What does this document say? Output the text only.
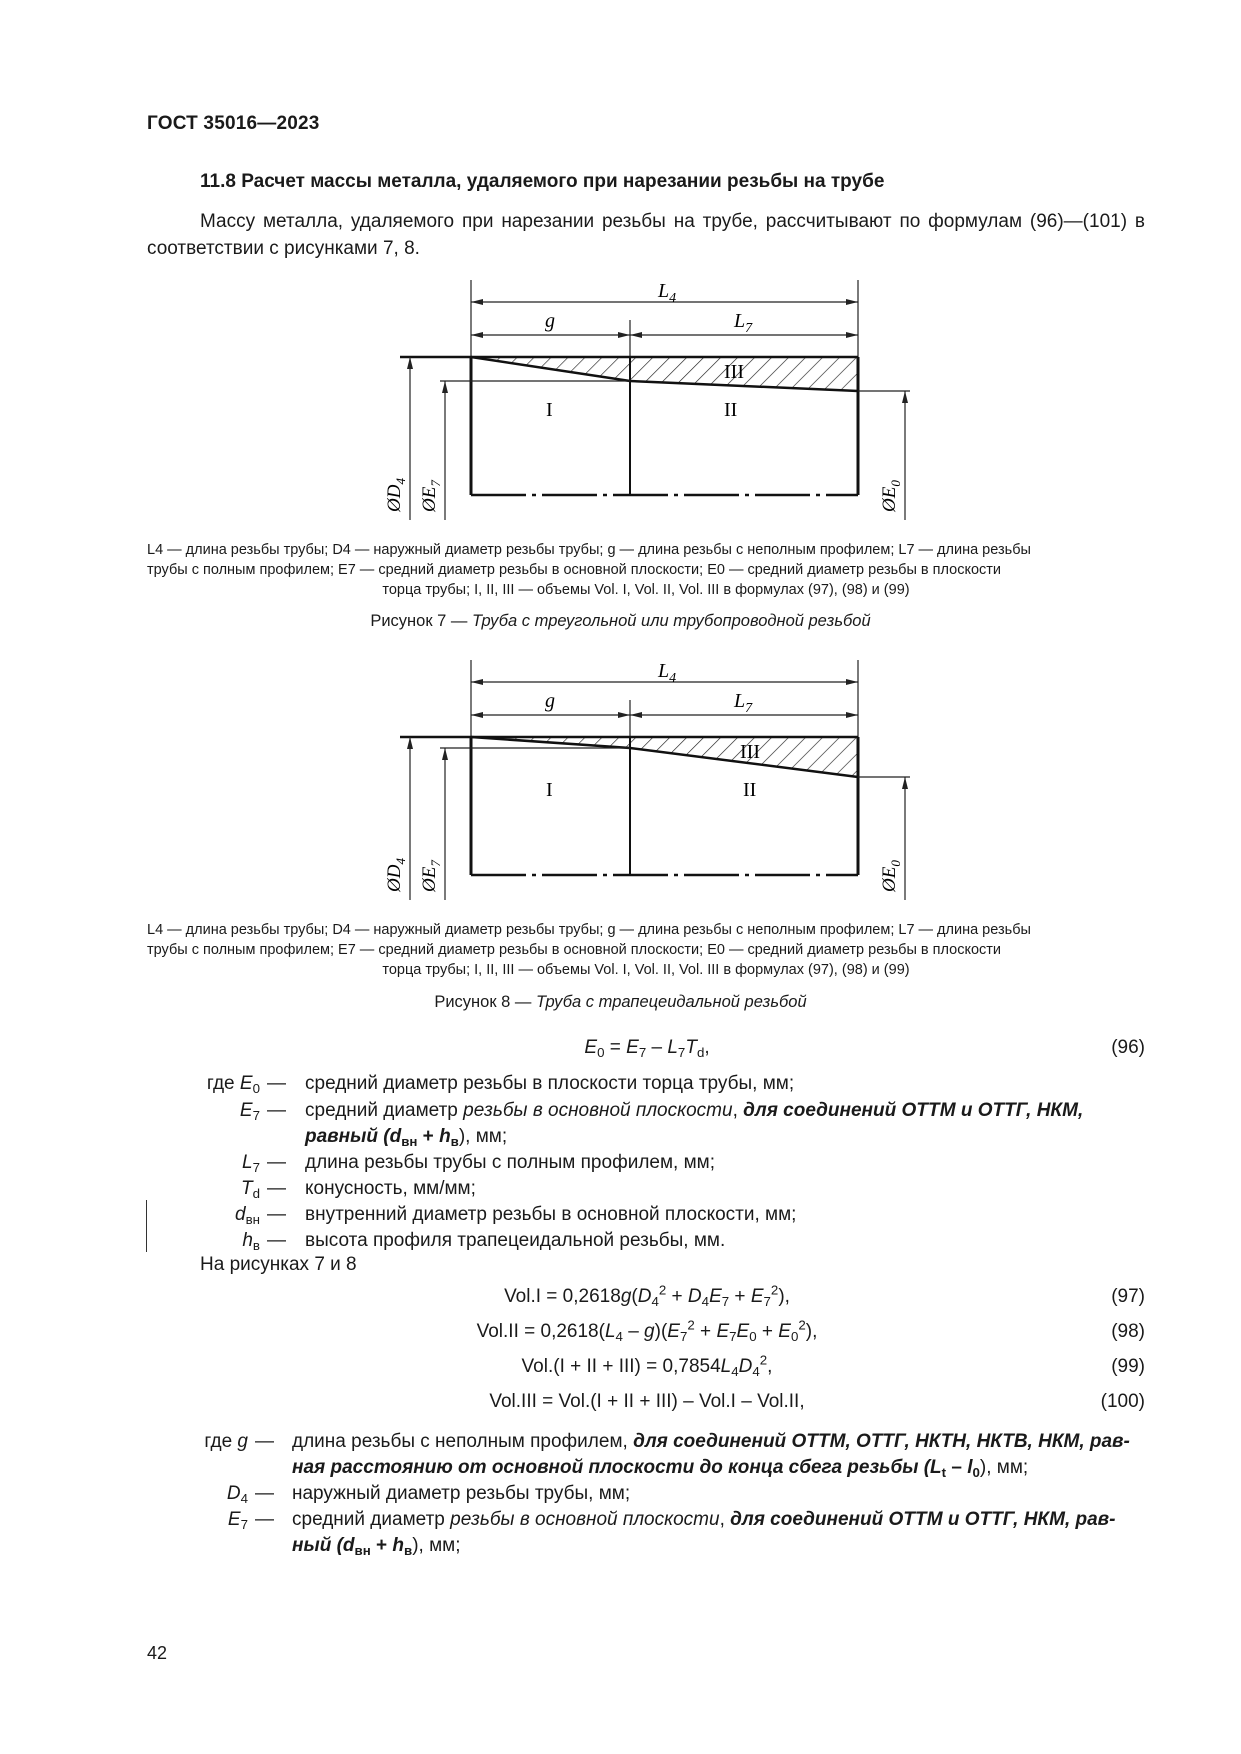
ГОСТ 35016—2023
11.8 Расчет массы металла, удаляемого при нарезании резьбы на трубе
Массу металла, удаляемого при нарезании резьбы на трубе, рассчитывают по формулам (96)—(101) в соответствии с рисунками 7, 8.
$L_4$
g	$L_7$
I	II
III
$ØD_4$
$ØE_7$
$ØE_0$
L4 — длина резьбы трубы; D4 — наружный диаметр резьбы трубы; g — длина резьбы с неполным профилем; L7 — длина резьбы
трубы с полным профилем; E7 — средний диаметр резьбы в основной плоскости; E0 — средний диаметр резьбы в плоскости
торца трубы; I, II, III — объемы Vol. I, Vol. II, Vol. III в формулах (97), (98) и (99)
Рисунок 7 — Труба с треугольной или трубопроводной резьбой
$L_4$
g	$L_7$
I	II
III
$ØD_4$
$ØE_7$
$ØE_0$
L4 — длина резьбы трубы; D4 — наружный диаметр резьбы трубы; g — длина резьбы с неполным профилем; L7 — длина резьбы
трубы с полным профилем; E7 — средний диаметр резьбы в основной плоскости; E0 — средний диаметр резьбы в плоскости
торца трубы; I, II, III — объемы Vol. I, Vol. II, Vol. III в формулах (97), (98) и (99)
Рисунок 8 — Труба с трапецеидальной резьбой
$E_0 = E_7 - L_7T_d$,	(96)
где $E_0$ — средний диаметр резьбы в плоскости торца трубы, мм;
$E_7$ — средний диаметр резьбы в основной плоскости, для соединений ОТТМ и ОТТГ, НКМ,
равный $(d_{вн} + h_в)$, мм;
$L_7$ — длина резьбы трубы с полным профилем, мм;
$T_d$ — конусность, мм/мм;
$d_{вн}$ — внутренний диаметр резьбы в основной плоскости, мм;
$h_в$ — высота профиля трапецеидальной резьбы, мм.
На рисунках 7 и 8
$Vol.I = 0,2618g(D_4^2 + D_4E_7 + E_7^2)$,	(97)
$Vol.II = 0,2618(L_4 - g)(E_7^2 + E_7E_0 + E_0^2)$,	(98)
Vol.(I + II + $III) = 0,7854L_4D_4^2$,	(99)
Vol.III = Vol.(I + II + III) – Vol.I – Vol.II,	(100)
где g — длина резьбы с неполным профилем, для соединений ОТТМ, ОТТГ, НКТН, НКТВ, НКМ, рав-
ная расстоянию от основной плоскости до конца сбега резьбы $(L_t - l_0)$, мм;
$D_4$ — наружный диаметр резьбы трубы, мм;
$E_7$ — средний диаметр резьбы в основной плоскости, для соединений ОТТМ и ОТТГ, НКМ, рав-
ный $(d_{вн} + h_в)$, мм;
42
